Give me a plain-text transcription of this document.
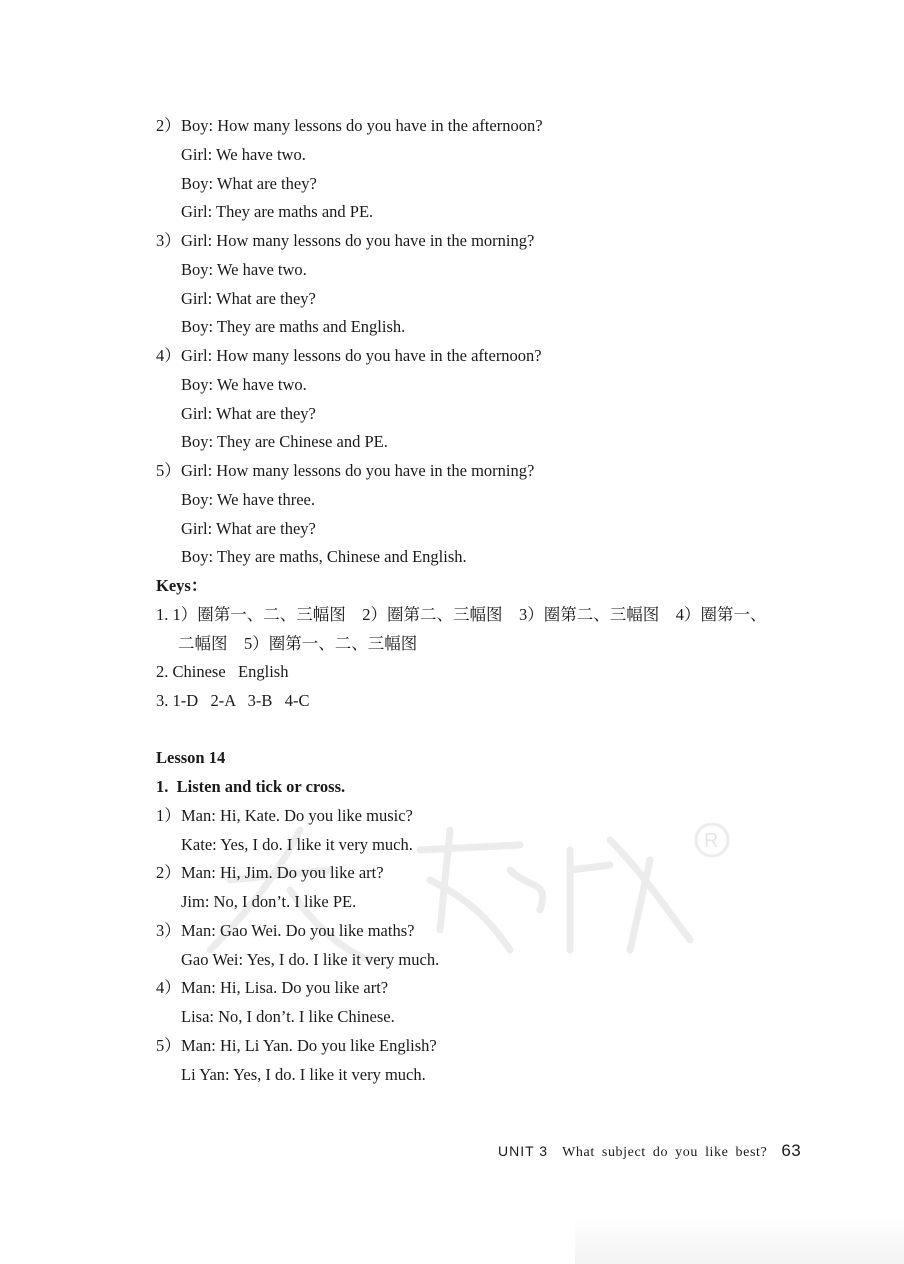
2） Boy: How many lessons do you have in the afternoon?
Girl: We have two.
Boy: What are they?
Girl: They are maths and PE.
3） Girl: How many lessons do you have in the morning?
Boy: We have two.
Girl: What are they?
Boy: They are maths and English.
4） Girl: How many lessons do you have in the afternoon?
Boy: We have two.
Girl: What are they?
Boy: They are Chinese and PE.
5） Girl: How many lessons do you have in the morning?
Boy: We have three.
Girl: What are they?
Boy: They are maths, Chinese and English.
Keys：
1. 1）圈第一、二、三幅图　2）圈第二、三幅图　3）圈第二、三幅图　4）圈第一、
二幅图　5）圈第一、二、三幅图
2. Chinese   English
3. 1-D   2-A   3-B   4-C
R
Lesson 14
1.  Listen and tick or cross.
1） Man: Hi, Kate. Do you like music?
Kate: Yes, I do. I like it very much.
2） Man: Hi, Jim. Do you like art?
Jim: No, I don’t. I like PE.
3） Man: Gao Wei. Do you like maths?
Gao Wei: Yes, I do. I like it very much.
4） Man: Hi, Lisa. Do you like art?
Lisa: No, I don’t. I like Chinese.
5） Man: Hi, Li Yan. Do you like English?
Li Yan: Yes, I do. I like it very much.
UNIT 3 What subject do you like best? 63
